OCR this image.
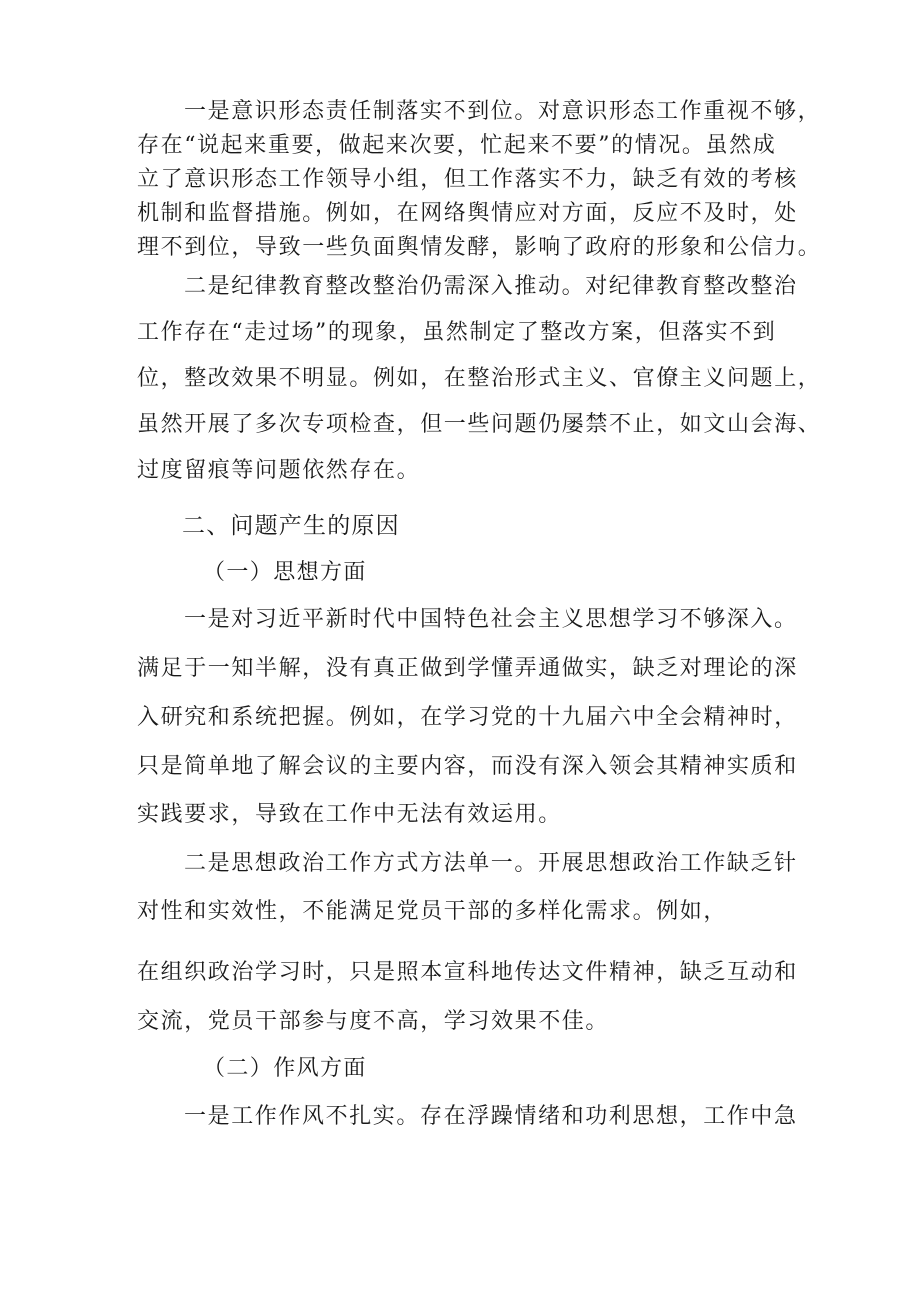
一是意识形态责任制落实不到位。对意识形态工作重视不够，
存在“说起来重要，做起来次要，忙起来不要”的情况。虽然成
立了意识形态工作领导小组，但工作落实不力，缺乏有效的考核
机制和监督措施。例如，在网络舆情应对方面，反应不及时，处
理不到位，导致一些负面舆情发酵，影响了政府的形象和公信力。
二是纪律教育整改整治仍需深入推动。对纪律教育整改整治
工作存在“走过场”的现象，虽然制定了整改方案，但落实不到
位，整改效果不明显。例如，在整治形式主义、官僚主义问题上，
虽然开展了多次专项检查，但一些问题仍屡禁不止，如文山会海、
过度留痕等问题依然存在。
二、问题产生的原因
（一）思想方面
一是对习近平新时代中国特色社会主义思想学习不够深入。
满足于一知半解，没有真正做到学懂弄通做实，缺乏对理论的深
入研究和系统把握。例如，在学习党的十九届六中全会精神时，
只是简单地了解会议的主要内容，而没有深入领会其精神实质和
实践要求，导致在工作中无法有效运用。
二是思想政治工作方式方法单一。开展思想政治工作缺乏针
对性和实效性，不能满足党员干部的多样化需求。例如，
在组织政治学习时，只是照本宣科地传达文件精神，缺乏互动和
交流，党员干部参与度不高，学习效果不佳。
（二）作风方面
一是工作作风不扎实。存在浮躁情绪和功利思想，工作中急
